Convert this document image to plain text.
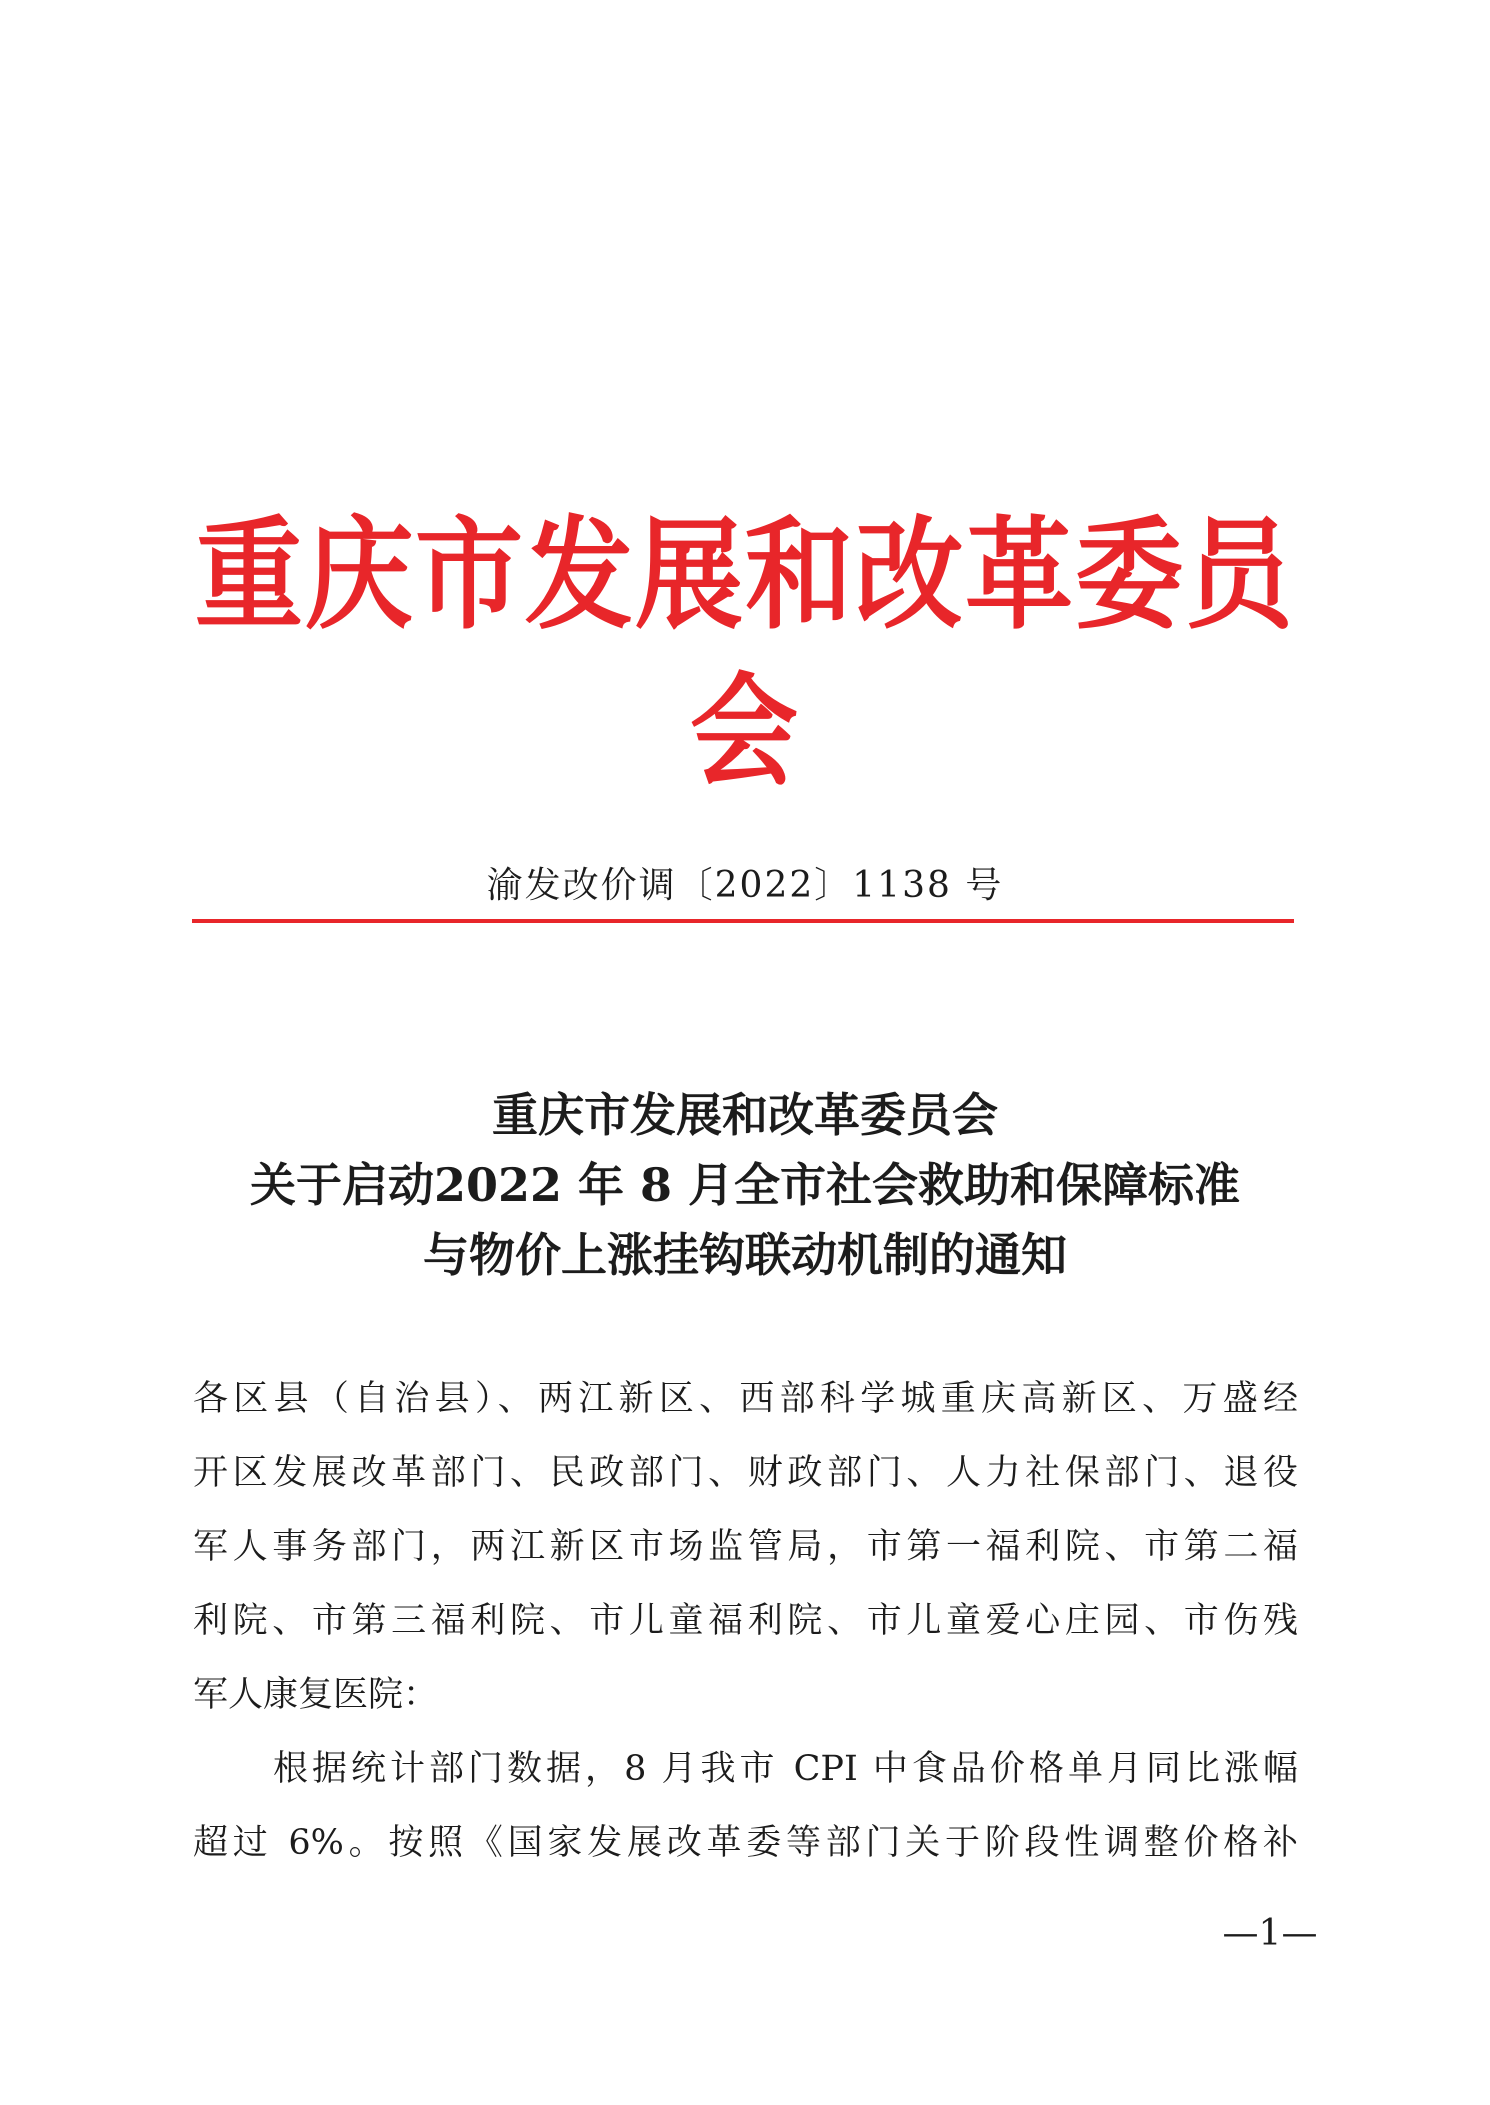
重庆市发展和改革委员会
渝发改价调〔2022〕1138 号
重庆市发展和改革委员会
关于启动2022 年 8 月全市社会救助和保障标准
与物价上涨挂钩联动机制的通知
各区县（自治县）、两江新区、西部科学城重庆高新区、万盛经
开区发展改革部门、民政部门、财政部门、人力社保部门、退役
军人事务部门，两江新区市场监管局，市第一福利院、市第二福
利院、市第三福利院、市儿童福利院、市儿童爱心庄园、市伤残
军人康复医院：
根据统计部门数据，8 月我市 CPI 中食品价格单月同比涨幅
超过 6%。按照《国家发展改革委等部门关于阶段性调整价格补
—1—
